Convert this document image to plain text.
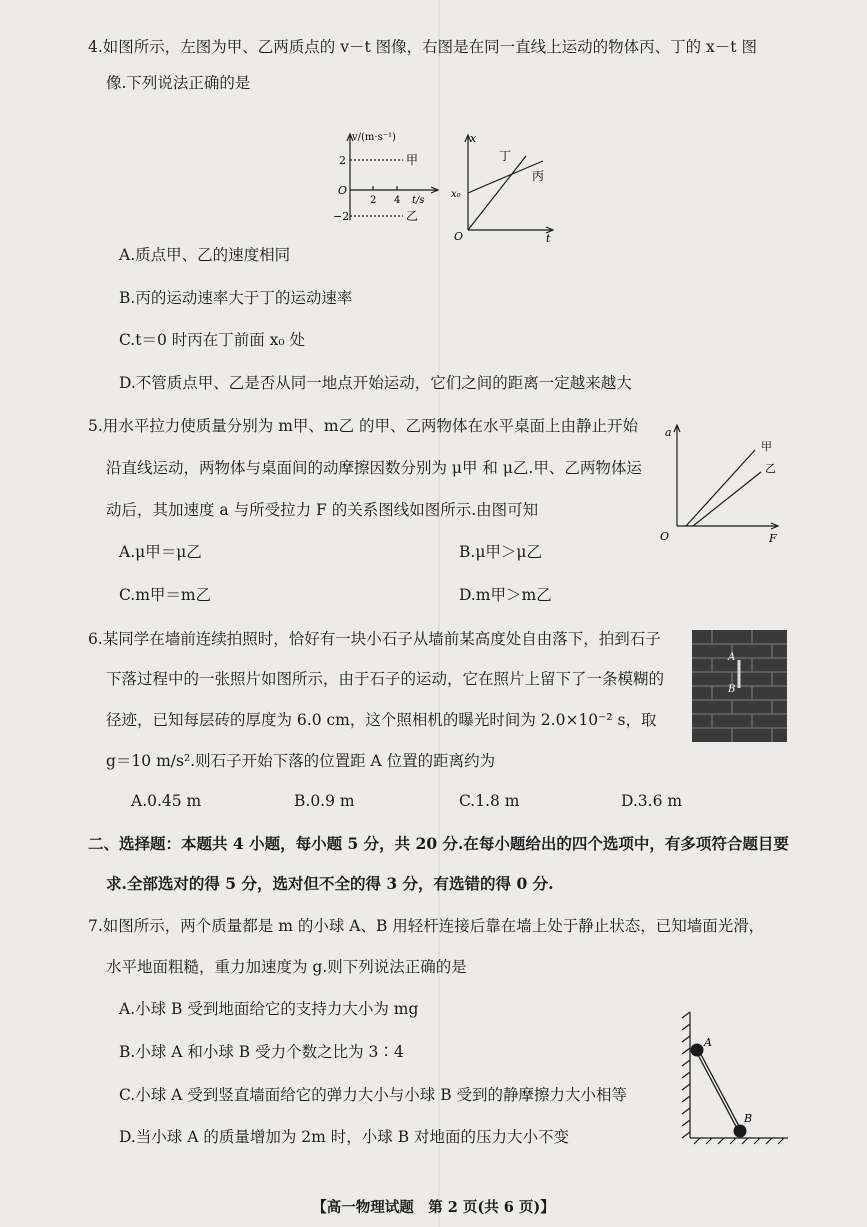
4.如图所示，左图为甲、乙两质点的 v－t 图像，右图是在同一直线上运动的物体丙、丁的 x－t 图
像.下列说法正确的是
v/(m·s⁻¹)
2
O
−2
2 4 t/s
甲
乙
x
O
x₀
t
丁
丙
A.质点甲、乙的速度相同
B.丙的运动速率大于丁的运动速率
C.t＝0 时丙在丁前面 x₀ 处
D.不管质点甲、乙是否从同一地点开始运动，它们之间的距离一定越来越大
5.用水平拉力使质量分别为 m甲、m乙 的甲、乙两物体在水平桌面上由静止开始
沿直线运动，两物体与桌面间的动摩擦因数分别为 μ甲 和 μ乙.甲、乙两物体运
动后，其加速度 a 与所受拉力 F 的关系图线如图所示.由图可知
a
O	F
甲
乙
A.μ甲＝μ乙	B.μ甲＞μ乙
C.m甲＝m乙	D.m甲＞m乙
6.某同学在墙前连续拍照时，恰好有一块小石子从墙前某高度处自由落下，拍到石子
下落过程中的一张照片如图所示，由于石子的运动，它在照片上留下了一条模糊的
径迹，已知每层砖的厚度为 6.0 cm，这个照相机的曝光时间为 2.0×10⁻² s，取
g＝10 m/s².则石子开始下落的位置距 A 位置的距离约为
A
B
A.0.45 m	B.0.9 m	C.1.8 m	D.3.6 m
二、选择题：本题共 4 小题，每小题 5 分，共 20 分.在每小题给出的四个选项中，有多项符合题目要
求.全部选对的得 5 分，选对但不全的得 3 分，有选错的得 0 分.
7.如图所示，两个质量都是 m 的小球 A、B 用轻杆连接后靠在墙上处于静止状态，已知墙面光滑，
水平地面粗糙，重力加速度为 g.则下列说法正确的是
A
B
A.小球 B 受到地面给它的支持力大小为 mg
B.小球 A 和小球 B 受力个数之比为 3∶4
C.小球 A 受到竖直墙面给它的弹力大小与小球 B 受到的静摩擦力大小相等
D.当小球 A 的质量增加为 2m 时，小球 B 对地面的压力大小不变
【高一物理试题　第 2 页(共 6 页)】
